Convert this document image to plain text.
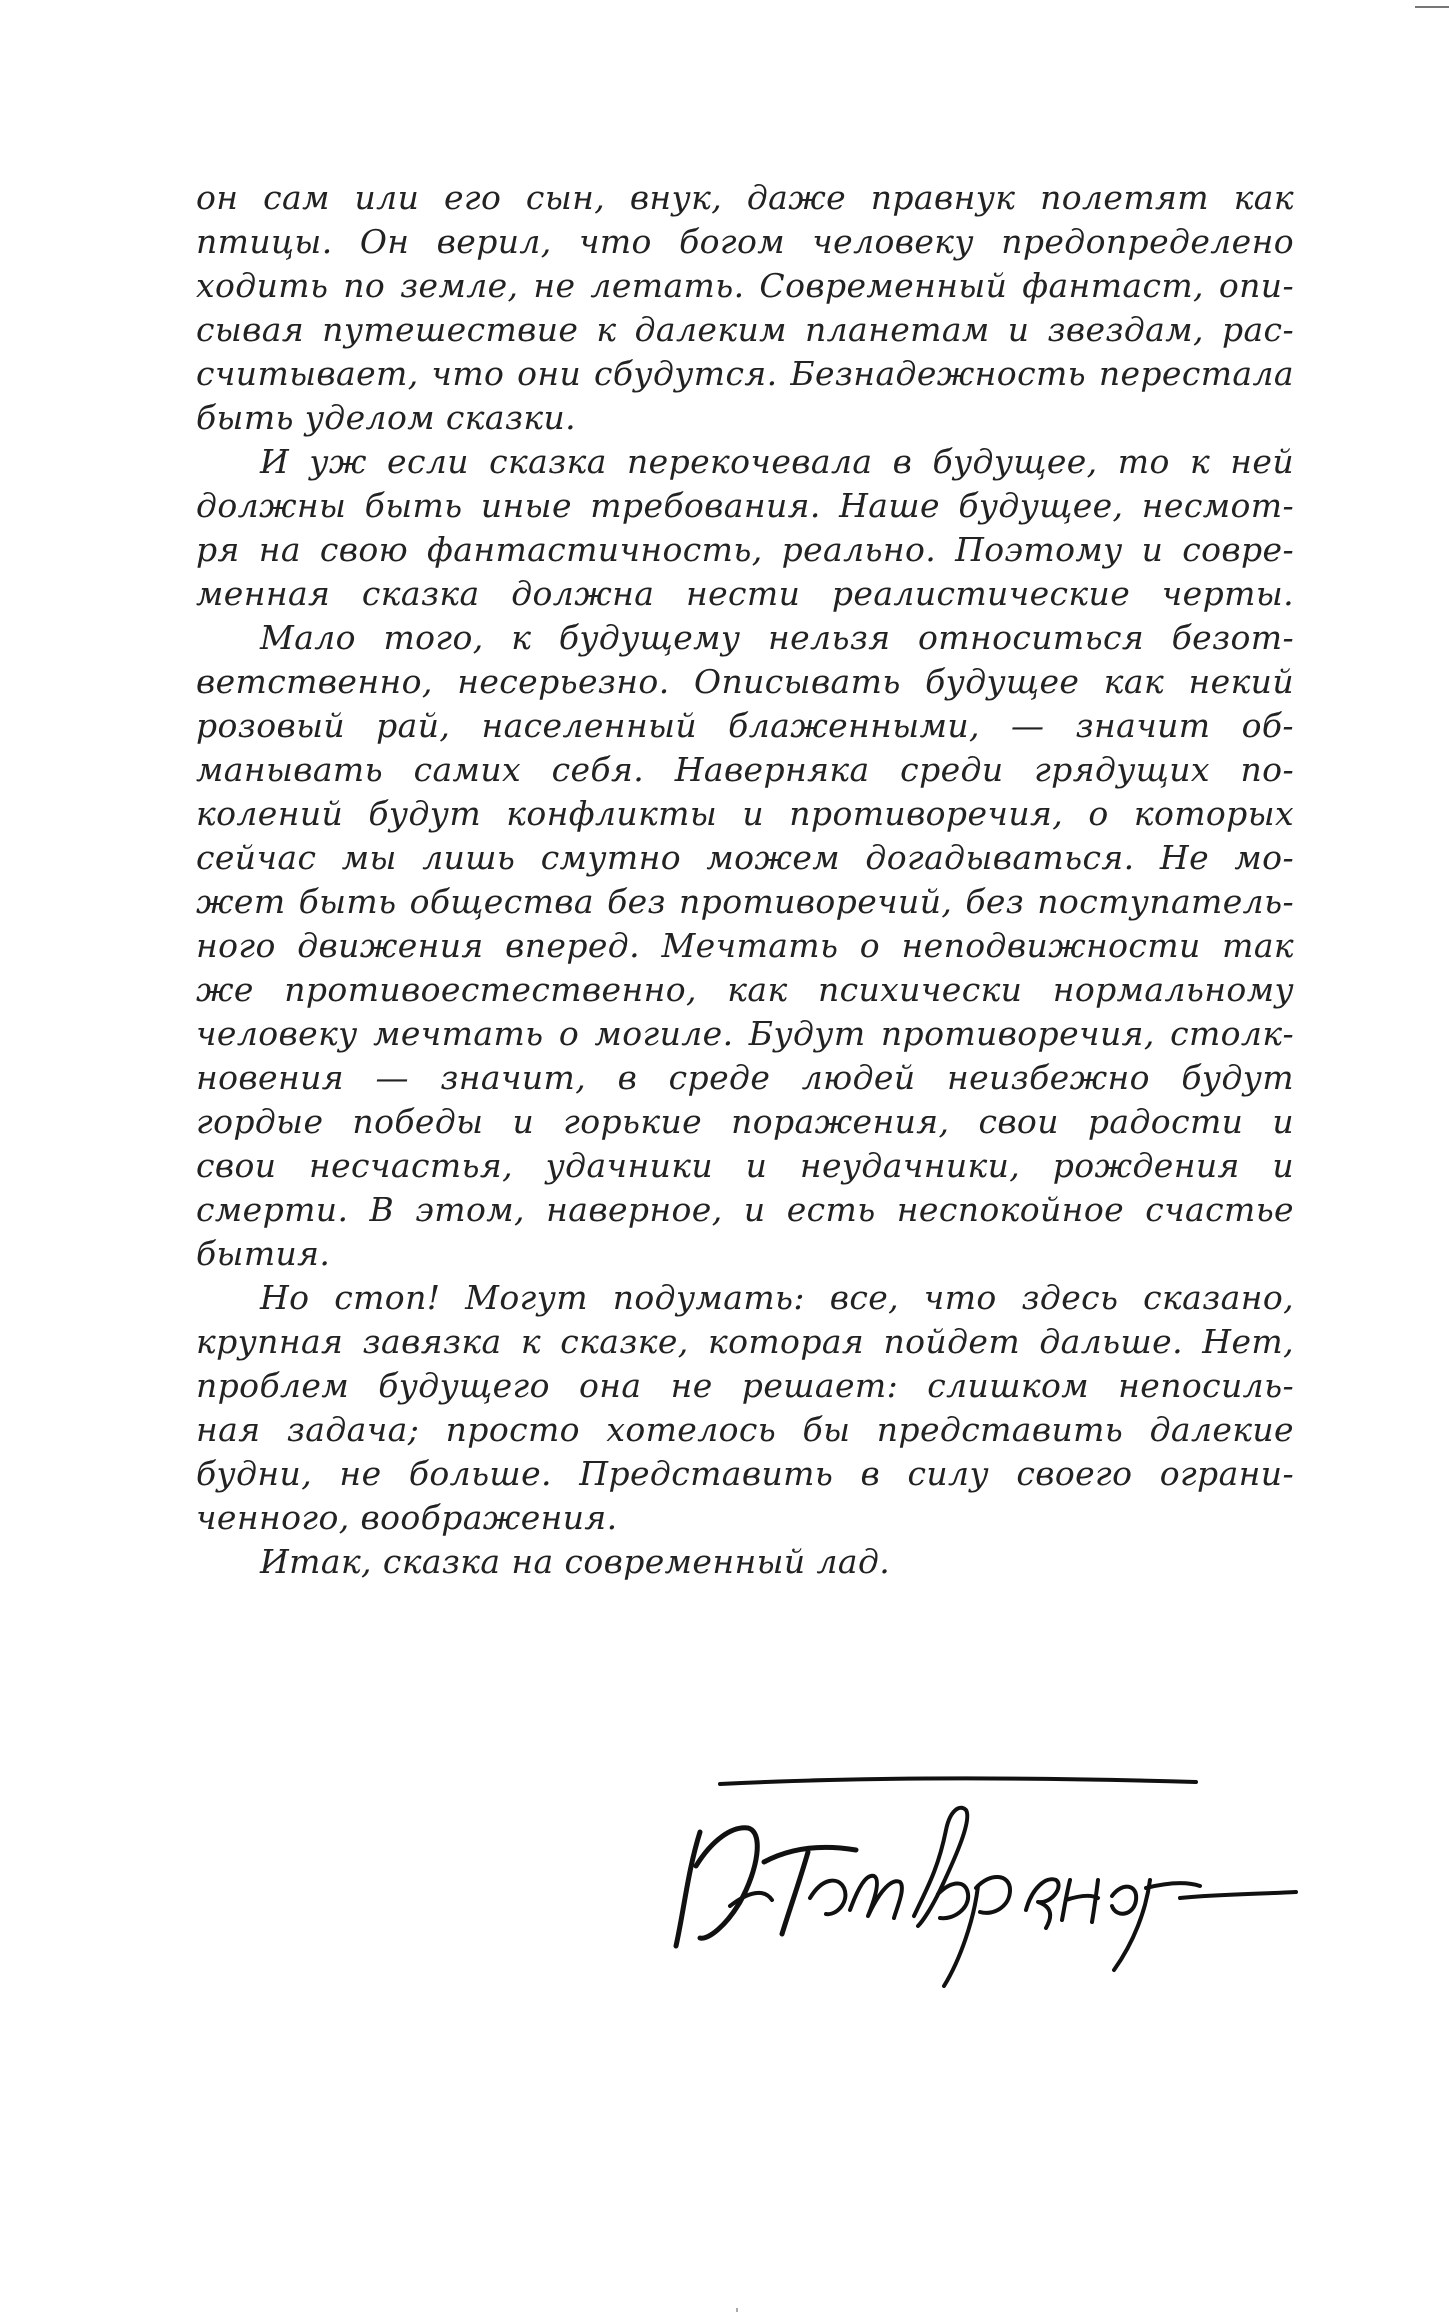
он сам или его сын, внук, даже правнук полетят как
птицы. Он верил, что богом человеку предопределено
ходить по земле, не летать. Современный фантаст, опи-
сывая путешествие к далеким планетам и звездам, рас-
считывает, что они сбудутся. Безнадежность перестала
быть уделом сказки.
И уж если сказка перекочевала в будущее, то к ней
должны быть иные требования. Наше будущее, несмот-
ря на свою фантастичность, реально. Поэтому и совре-
менная сказка должна нести реалистические черты.
Мало того, к будущему нельзя относиться безот-
ветственно, несерьезно. Описывать будущее как некий
розовый рай, населенный блаженными, — значит об-
манывать самих себя. Наверняка среди грядущих по-
колений будут конфликты и противоречия, о которых
сейчас мы лишь смутно можем догадываться. Не мо-
жет быть общества без противоречий, без поступатель-
ного движения вперед. Мечтать о неподвижности так
же противоестественно, как психически нормальному
человеку мечтать о могиле. Будут противоречия, столк-
новения — значит, в среде людей неизбежно будут
гордые победы и горькие поражения, свои радости и
свои несчастья, удачники и неудачники, рождения и
смерти. В этом, наверное, и есть неспокойное счастье
бытия.
Но стоп! Могут подумать: все, что здесь сказано,
крупная завязка к сказке, которая пойдет дальше. Нет,
проблем будущего она не решает: слишком непосиль-
ная задача; просто хотелось бы представить далекие
будни, не больше. Представить в силу своего ограни-
ченного, воображения.
Итак, сказка на современный лад.
